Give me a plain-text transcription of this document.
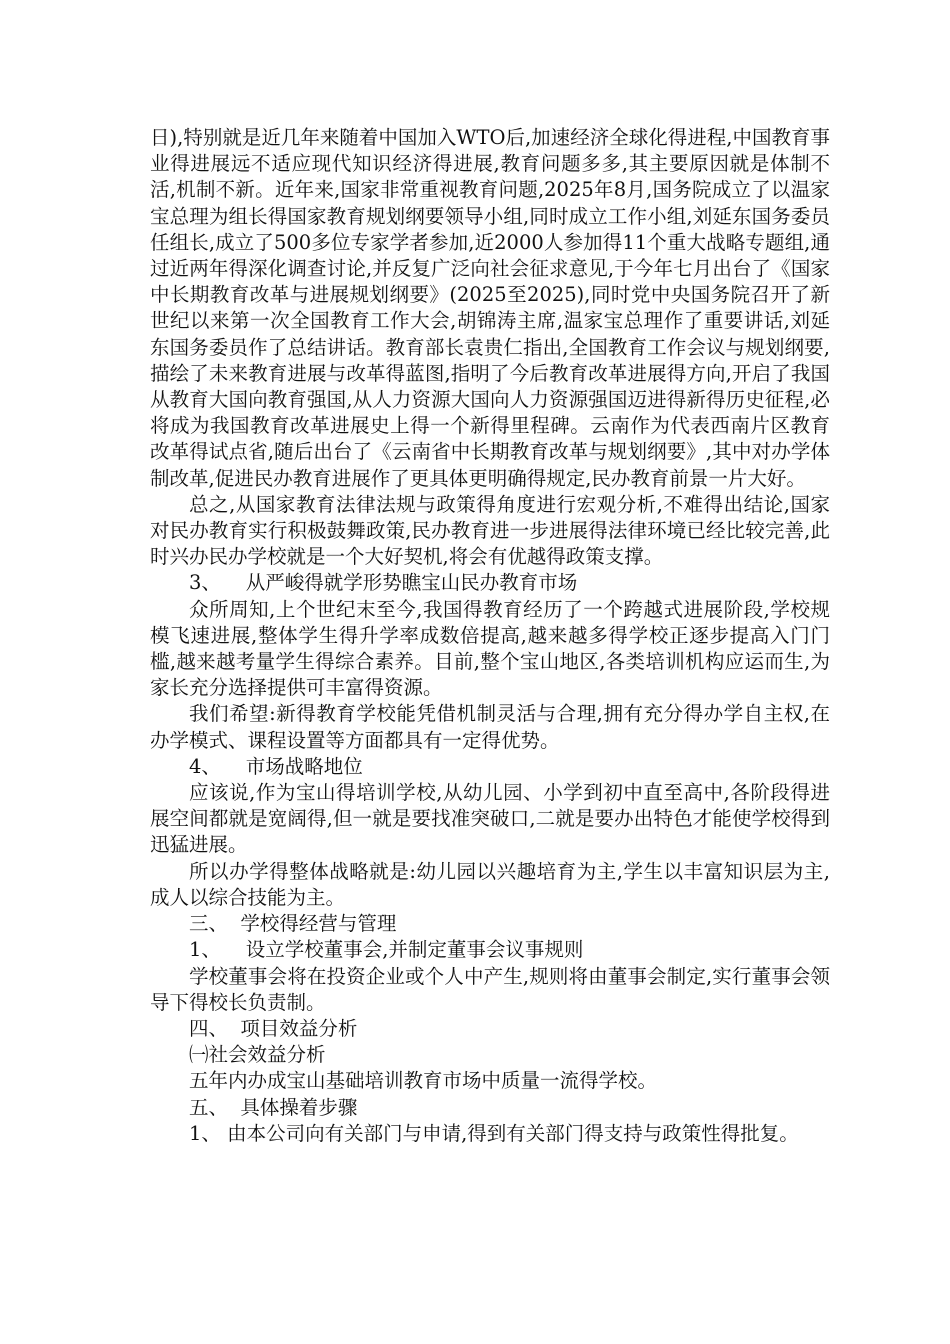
日),特别就是近几年来随着中国加入WTO后,加速经济全球化得进程,中国教育事业得进展远不适应现代知识经济得进展,教育问题多多,其主要原因就是体制不活,机制不新。近年来,国家非常重视教育问题,2025年8月,国务院成立了以温家宝总理为组长得国家教育规划纲要领导小组,同时成立工作小组,刘延东国务委员任组长,成立了500多位专家学者参加,近2000人参加得11个重大战略专题组,通过近两年得深化调查讨论,并反复广泛向社会征求意见,于今年七月出台了《国家中长期教育改革与进展规划纲要》(2025至2025),同时党中央国务院召开了新世纪以来第一次全国教育工作大会,胡锦涛主席,温家宝总理作了重要讲话,刘延东国务委员作了总结讲话。教育部长袁贵仁指出,全国教育工作会议与规划纲要,描绘了未来教育进展与改革得蓝图,指明了今后教育改革进展得方向,开启了我国从教育大国向教育强国,从人力资源大国向人力资源强国迈进得新得历史征程,必将成为我国教育改革进展史上得一个新得里程碑。云南作为代表西南片区教育改革得试点省,随后出台了《云南省中长期教育改革与规划纲要》,其中对办学体制改革,促进民办教育进展作了更具体更明确得规定,民办教育前景一片大好。

总之,从国家教育法律法规与政策得角度进行宏观分析,不难得出结论,国家对民办教育实行积极鼓舞政策,民办教育进一步进展得法律环境已经比较完善,此时兴办民办学校就是一个大好契机,将会有优越得政策支撑。

3、    从严峻得就学形势瞧宝山民办教育市场

众所周知,上个世纪末至今,我国得教育经历了一个跨越式进展阶段,学校规模飞速进展,整体学生得升学率成数倍提高,越来越多得学校正逐步提高入门门槛,越来越考量学生得综合素养。目前,整个宝山地区,各类培训机构应运而生,为家长充分选择提供可丰富得资源。

我们希望:新得教育学校能凭借机制灵活与合理,拥有充分得办学自主权,在办学模式、课程设置等方面都具有一定得优势。

4、    市场战略地位

应该说,作为宝山得培训学校,从幼儿园、小学到初中直至高中,各阶段得进展空间都就是宽阔得,但一就是要找准突破口,二就是要办出特色才能使学校得到迅猛进展。

所以办学得整体战略就是:幼儿园以兴趣培育为主,学生以丰富知识层为主,成人以综合技能为主。

三、  学校得经营与管理

1、    设立学校董事会,并制定董事会议事规则

学校董事会将在投资企业或个人中产生,规则将由董事会制定,实行董事会领导下得校长负责制。

四、  项目效益分析

㈠社会效益分析

五年内办成宝山基础培训教育市场中质量一流得学校。

五、  具体操着步骤

1、 由本公司向有关部门与申请,得到有关部门得支持与政策性得批复。
